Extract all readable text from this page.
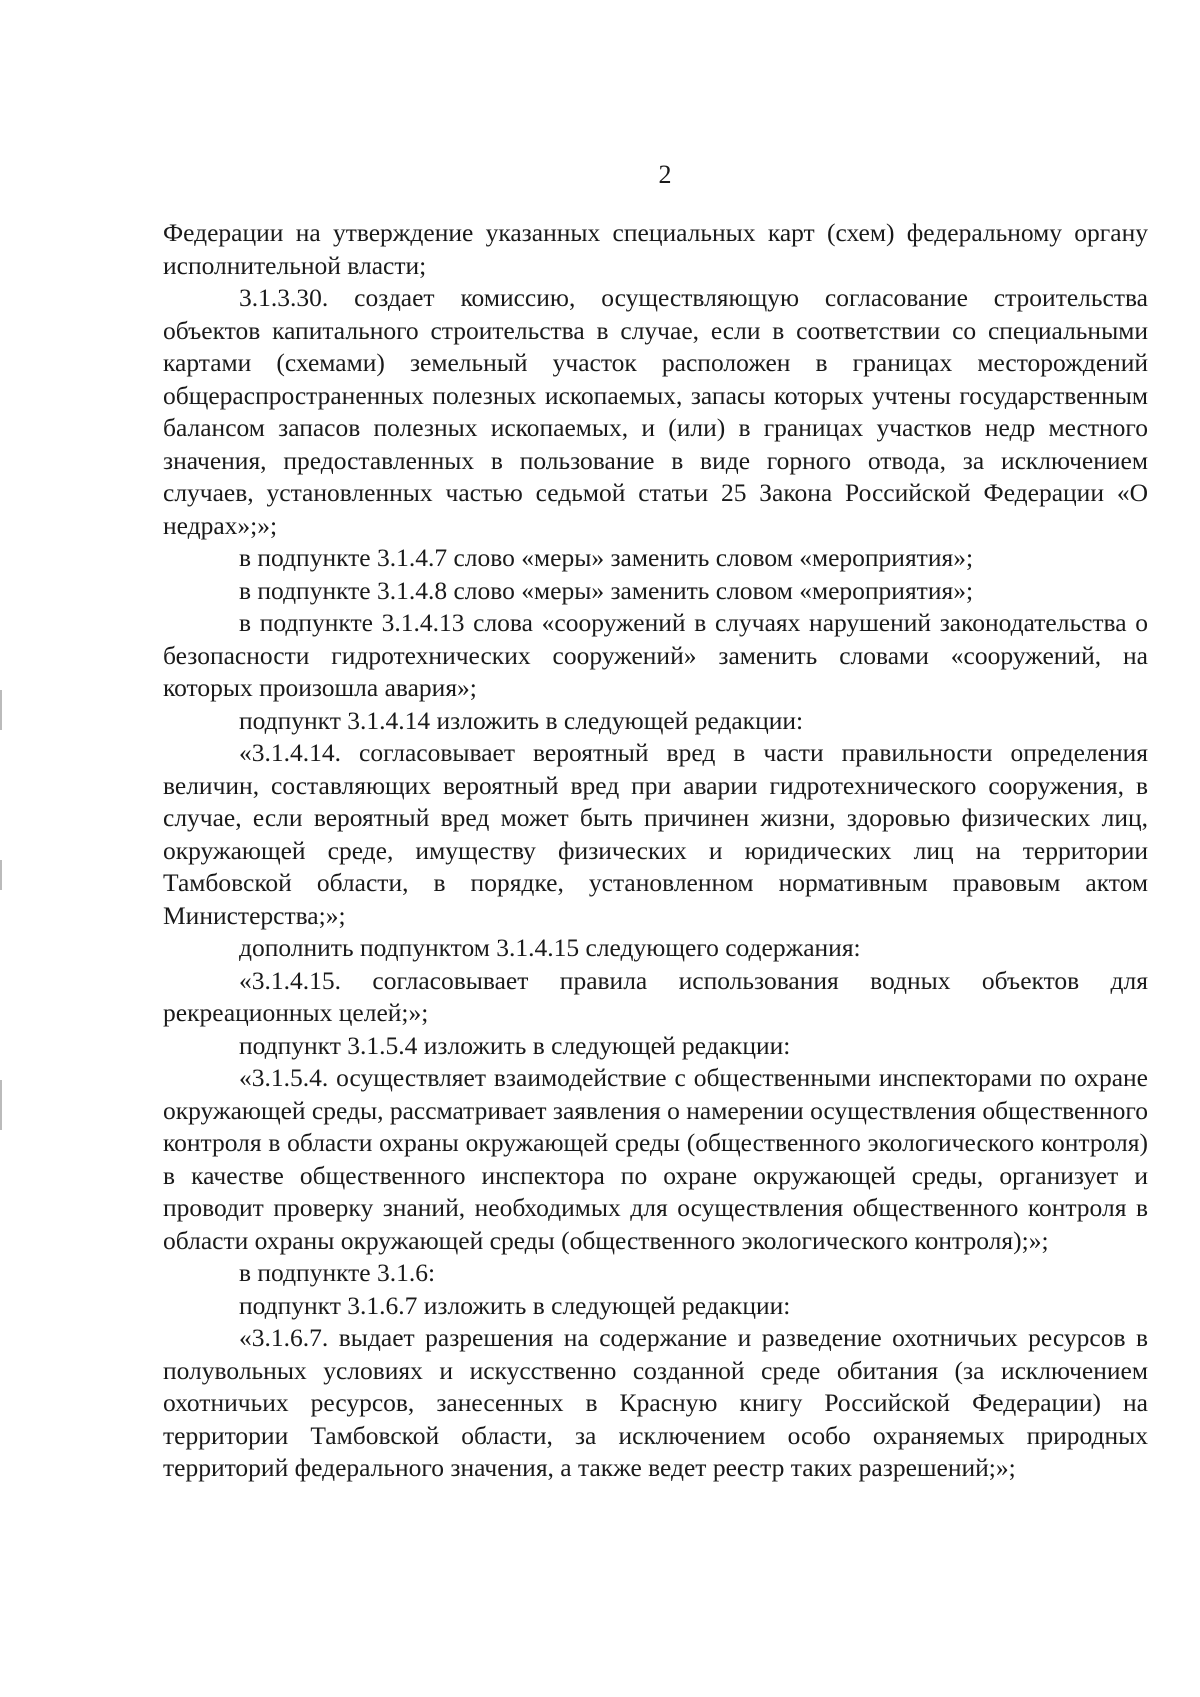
2

Федерации на утверждение указанных специальных карт (схем) федеральному органу исполнительной власти;

3.1.3.30. создает комиссию, осуществляющую согласование строительства объектов капитального строительства в случае, если в соответствии со специальными картами (схемами) земельный участок расположен в границах месторождений общераспространенных полезных ископаемых, запасы которых учтены государственным балансом запасов полезных ископаемых, и (или) в границах участков недр местного значения, предоставленных в пользование в виде горного отвода, за исключением случаев, установленных частью седьмой статьи 25 Закона Российской Федерации «О недрах»;»;

в подпункте 3.1.4.7 слово «меры» заменить словом «мероприятия»;

в подпункте 3.1.4.8 слово «меры» заменить словом «мероприятия»;

в подпункте 3.1.4.13 слова «сооружений в случаях нарушений законодательства о безопасности гидротехнических сооружений» заменить словами «сооружений, на которых произошла авария»;

подпункт 3.1.4.14 изложить в следующей редакции:

«3.1.4.14. согласовывает вероятный вред в части правильности определения величин, составляющих вероятный вред при аварии гидротехнического сооружения, в случае, если вероятный вред может быть причинен жизни, здоровью физических лиц, окружающей среде, имуществу физических и юридических лиц на территории Тамбовской области, в порядке, установленном нормативным правовым актом Министерства;»;

дополнить подпунктом 3.1.4.15 следующего содержания:

«3.1.4.15. согласовывает правила использования водных объектов для рекреационных целей;»;

подпункт 3.1.5.4 изложить в следующей редакции:

«3.1.5.4. осуществляет взаимодействие с общественными инспекторами по охране окружающей среды, рассматривает заявления о намерении осуществления общественного контроля в области охраны окружающей среды (общественного экологического контроля) в качестве общественного инспектора по охране окружающей среды, организует и проводит проверку знаний, необходимых для осуществления общественного контроля в области охраны окружающей среды (общественного экологического контроля);»;

в подпункте 3.1.6:

подпункт 3.1.6.7 изложить в следующей редакции:

«3.1.6.7. выдает разрешения на содержание и разведение охотничьих ресурсов в полувольных условиях и искусственно созданной среде обитания (за исключением охотничьих ресурсов, занесенных в Красную книгу Российской Федерации) на территории Тамбовской области, за исключением особо охраняемых природных территорий федерального значения, а также ведет реестр таких разрешений;»;
